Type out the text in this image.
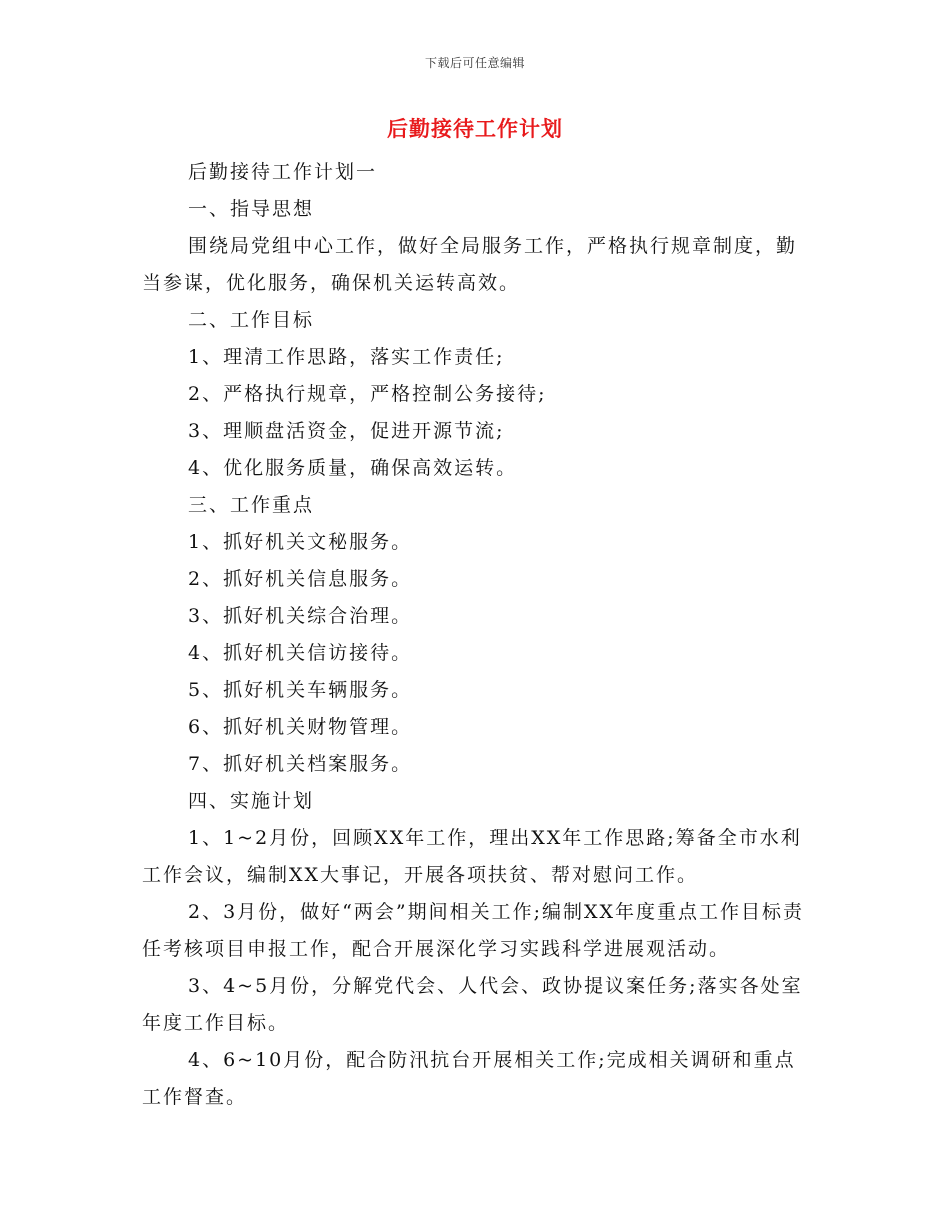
下载后可任意编辑
后勤接待工作计划

后勤接待工作计划一

一、指导思想

围绕局党组中心工作，做好全局服务工作，严格执行规章制度，勤当参谋，优化服务，确保机关运转高效。

二、工作目标

1、理清工作思路，落实工作责任;

2、严格执行规章，严格控制公务接待;

3、理顺盘活资金，促进开源节流;

4、优化服务质量，确保高效运转。

三、工作重点

1、抓好机关文秘服务。

2、抓好机关信息服务。

3、抓好机关综合治理。

4、抓好机关信访接待。

5、抓好机关车辆服务。

6、抓好机关财物管理。

7、抓好机关档案服务。

四、实施计划

1、1~2月份，回顾XX年工作，理出XX年工作思路;筹备全市水利工作会议，编制XX大事记，开展各项扶贫、帮对慰问工作。

2、3月份，做好“两会”期间相关工作;编制XX年度重点工作目标责任考核项目申报工作，配合开展深化学习实践科学进展观活动。

3、4~5月份，分解党代会、人代会、政协提议案任务;落实各处室年度工作目标。

4、6~10月份，配合防汛抗台开展相关工作;完成相关调研和重点工作督查。
